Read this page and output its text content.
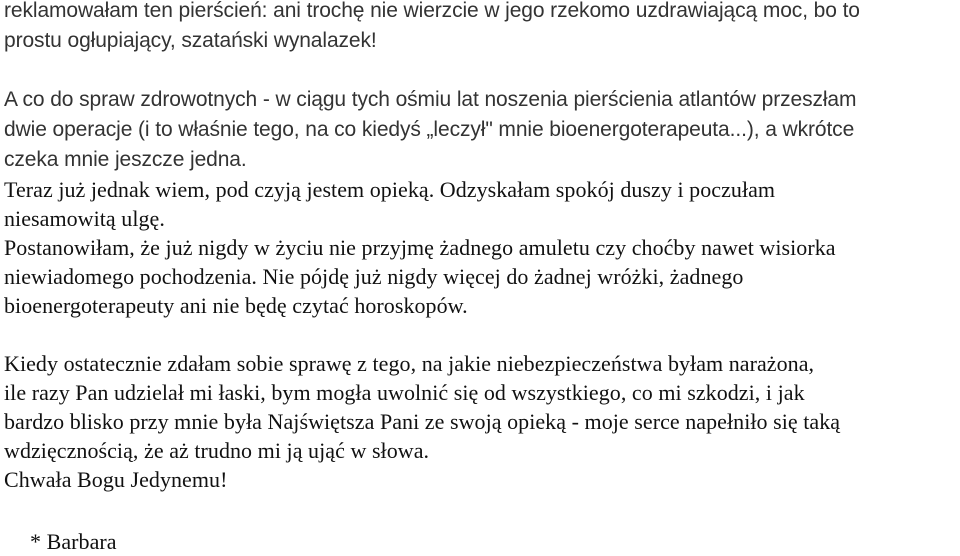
reklamowałam ten pierścień: ani trochę nie wierzcie w jego rzekomo uzdrawiającą moc, bo to
prostu ogłupiający, szatański wynalazek!
A co do spraw zdrowotnych - w ciągu tych ośmiu lat noszenia pierścienia atlantów przeszłam
dwie operacje (i to właśnie tego, na co kiedyś „leczył" mnie bioenergoterapeuta...), a wkrótce
czeka mnie jeszcze jedna.
Teraz już jednak wiem, pod czyją jestem opieką. Odzyskałam spokój duszy i poczułam
niesamowitą ulgę.
Postanowiłam, że już nigdy w życiu nie przyjmę żadnego amuletu czy choćby nawet wisiorka
niewiadomego pochodzenia. Nie pójdę już nigdy więcej do żadnej wróżki, żadnego
bioenergoterapeuty ani nie będę czytać horoskopów.
Kiedy ostatecznie zdałam sobie sprawę z tego, na jakie niebezpieczeństwa byłam narażona,
ile razy Pan udzielał mi łaski, bym mogła uwolnić się od wszystkiego, co mi szkodzi, i jak
bardzo blisko przy mnie była Najświętsza Pani ze swoją opieką - moje serce napełniło się taką
wdzięcznością, że aż trudno mi ją ująć w słowa.
Chwała Bogu Jedynemu!
* Barbara
